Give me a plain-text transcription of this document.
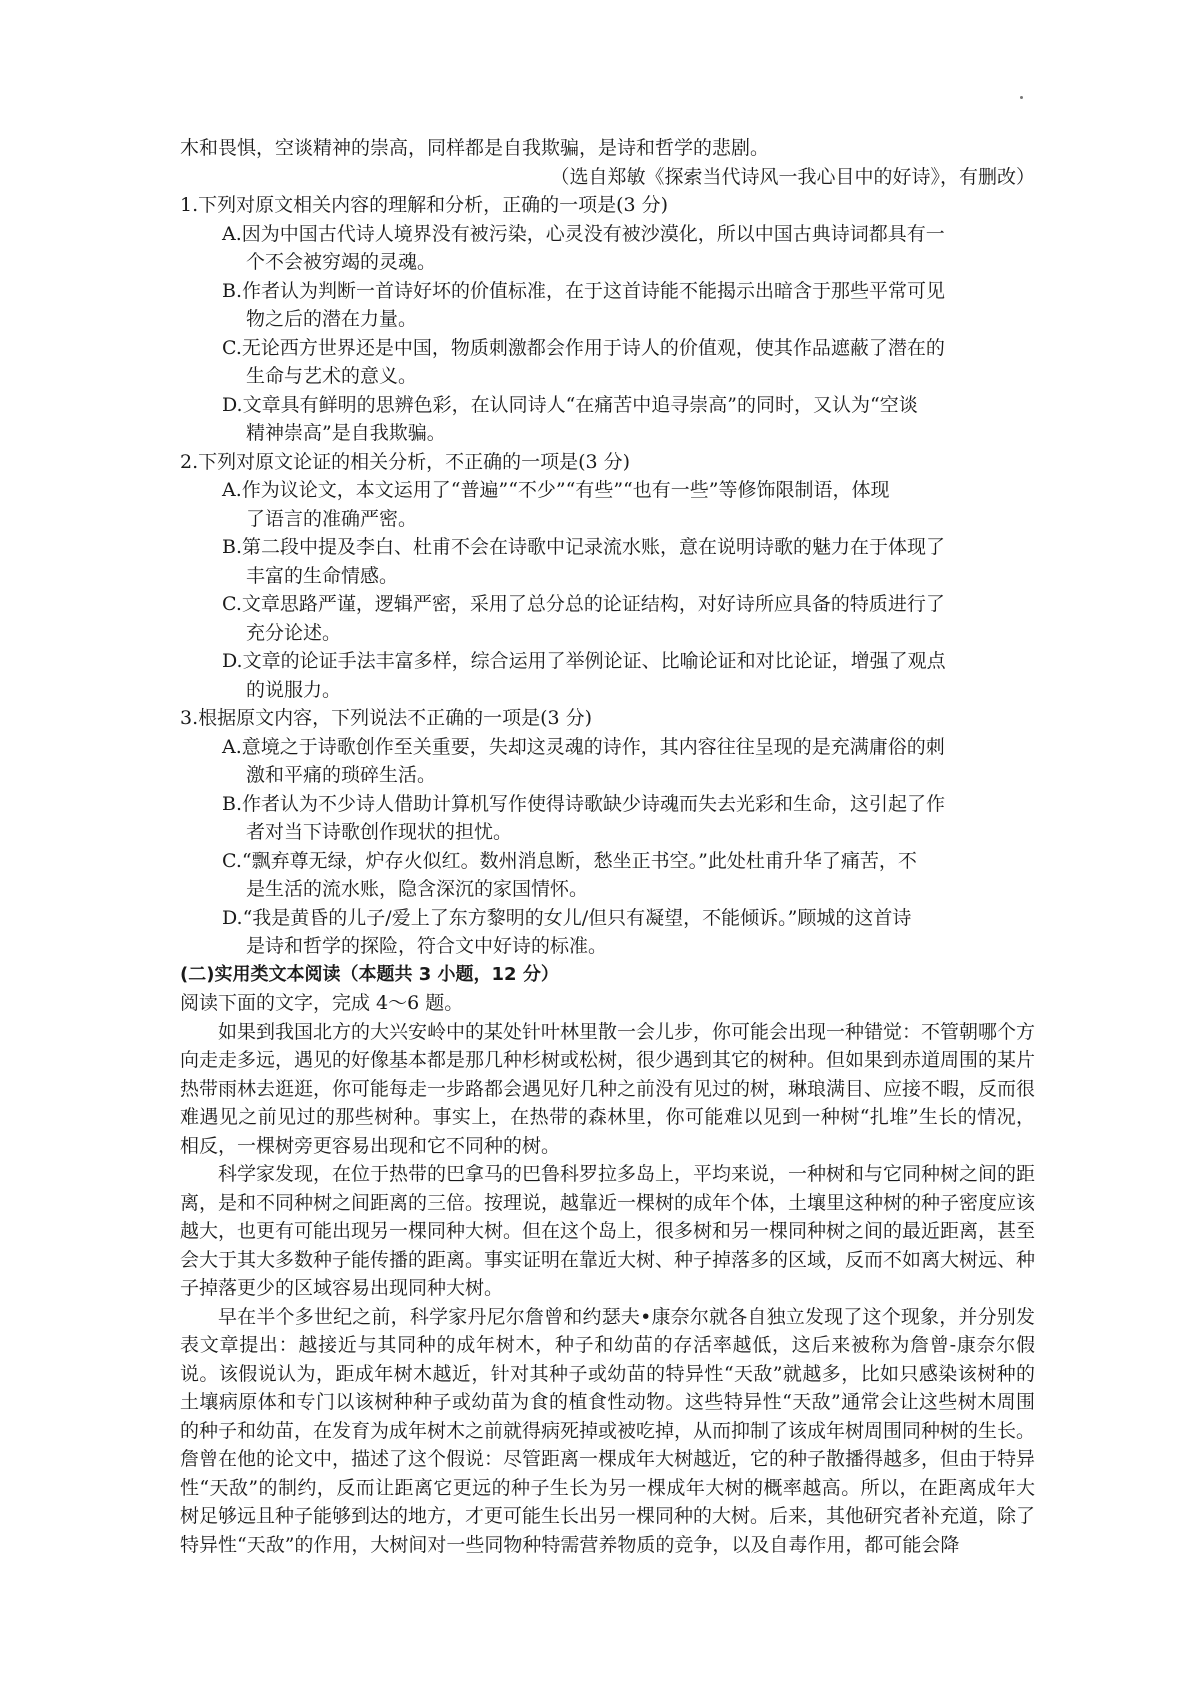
木和畏惧，空谈精神的崇高，同样都是自我欺骗，是诗和哲学的悲剧。
（选自郑敏《探索当代诗风一我心目中的好诗》，有删改）
1.下列对原文相关内容的理解和分析，正确的一项是(3 分)
A.因为中国古代诗人境界没有被污染，心灵没有被沙漠化，所以中国古典诗词都具有一
个不会被穷竭的灵魂。
B.作者认为判断一首诗好坏的价值标准，在于这首诗能不能揭示出暗含于那些平常可见
物之后的潜在力量。
C.无论西方世界还是中国，物质刺激都会作用于诗人的价值观，使其作品遮蔽了潜在的
生命与艺术的意义。
D.文章具有鲜明的思辨色彩，在认同诗人“在痛苦中追寻崇高”的同时，又认为“空谈
精神崇高”是自我欺骗。
2.下列对原文论证的相关分析，不正确的一项是(3 分)
A.作为议论文，本文运用了“普遍”“不少”“有些”“也有一些”等修饰限制语，体现
了语言的准确严密。
B.第二段中提及李白、杜甫不会在诗歌中记录流水账，意在说明诗歌的魅力在于体现了
丰富的生命情感。
C.文章思路严谨，逻辑严密，采用了总分总的论证结构，对好诗所应具备的特质进行了
充分论述。
D.文章的论证手法丰富多样，综合运用了举例论证、比喻论证和对比论证，增强了观点
的说服力。
3.根据原文内容，下列说法不正确的一项是(3 分)
A.意境之于诗歌创作至关重要，失却这灵魂的诗作，其内容往往呈现的是充满庸俗的刺
激和平痛的琐碎生活。
B.作者认为不少诗人借助计算机写作使得诗歌缺少诗魂而失去光彩和生命，这引起了作
者对当下诗歌创作现状的担忧。
C.“飘弃尊无绿，炉存火似红。数州消息断，愁坐正书空。”此处杜甫升华了痛苦，不
是生活的流水账，隐含深沉的家国情怀。
D.“我是黄昏的儿子/爱上了东方黎明的女儿/但只有凝望，不能倾诉。”顾城的这首诗
是诗和哲学的探险，符合文中好诗的标准。
(二)实用类文本阅读（本题共 3 小题，12 分）
阅读下面的文字，完成 4～6 题。
如果到我国北方的大兴安岭中的某处针叶林里散一会儿步，你可能会出现一种错觉：不管朝哪个方向走走多远，遇见的好像基本都是那几种杉树或松树，很少遇到其它的树种。但如果到赤道周围的某片热带雨林去逛逛，你可能每走一步路都会遇见好几种之前没有见过的树，琳琅满目、应接不暇，反而很难遇见之前见过的那些树种。事实上，在热带的森林里，你可能难以见到一种树“扎堆”生长的情况，相反，一棵树旁更容易出现和它不同种的树。
科学家发现，在位于热带的巴拿马的巴鲁科罗拉多岛上，平均来说，一种树和与它同种树之间的距离，是和不同种树之间距离的三倍。按理说，越靠近一棵树的成年个体，土壤里这种树的种子密度应该越大，也更有可能出现另一棵同种大树。但在这个岛上，很多树和另一棵同种树之间的最近距离，甚至会大于其大多数种子能传播的距离。事实证明在靠近大树、种子掉落多的区域，反而不如离大树远、种子掉落更少的区域容易出现同种大树。
早在半个多世纪之前，科学家丹尼尔詹曾和约瑟夫•康奈尔就各自独立发现了这个现象，并分别发表文章提出：越接近与其同种的成年树木，种子和幼苗的存活率越低，这后来被称为詹曾-康奈尔假说。该假说认为，距成年树木越近，针对其种子或幼苗的特异性“天敌”就越多，比如只感染该树种的土壤病原体和专门以该树种种子或幼苗为食的植食性动物。这些特异性“天敌”通常会让这些树木周围的种子和幼苗，在发育为成年树木之前就得病死掉或被吃掉，从而抑制了该成年树周围同种树的生长。詹曾在他的论文中，描述了这个假说：尽管距离一棵成年大树越近，它的种子散播得越多，但由于特异性“天敌”的制约，反而让距离它更远的种子生长为另一棵成年大树的概率越高。所以，在距离成年大树足够远且种子能够到达的地方，才更可能生长出另一棵同种的大树。后来，其他研究者补充道，除了特异性“天敌”的作用，大树间对一些同物种特需营养物质的竞争，以及自毒作用，都可能会降
